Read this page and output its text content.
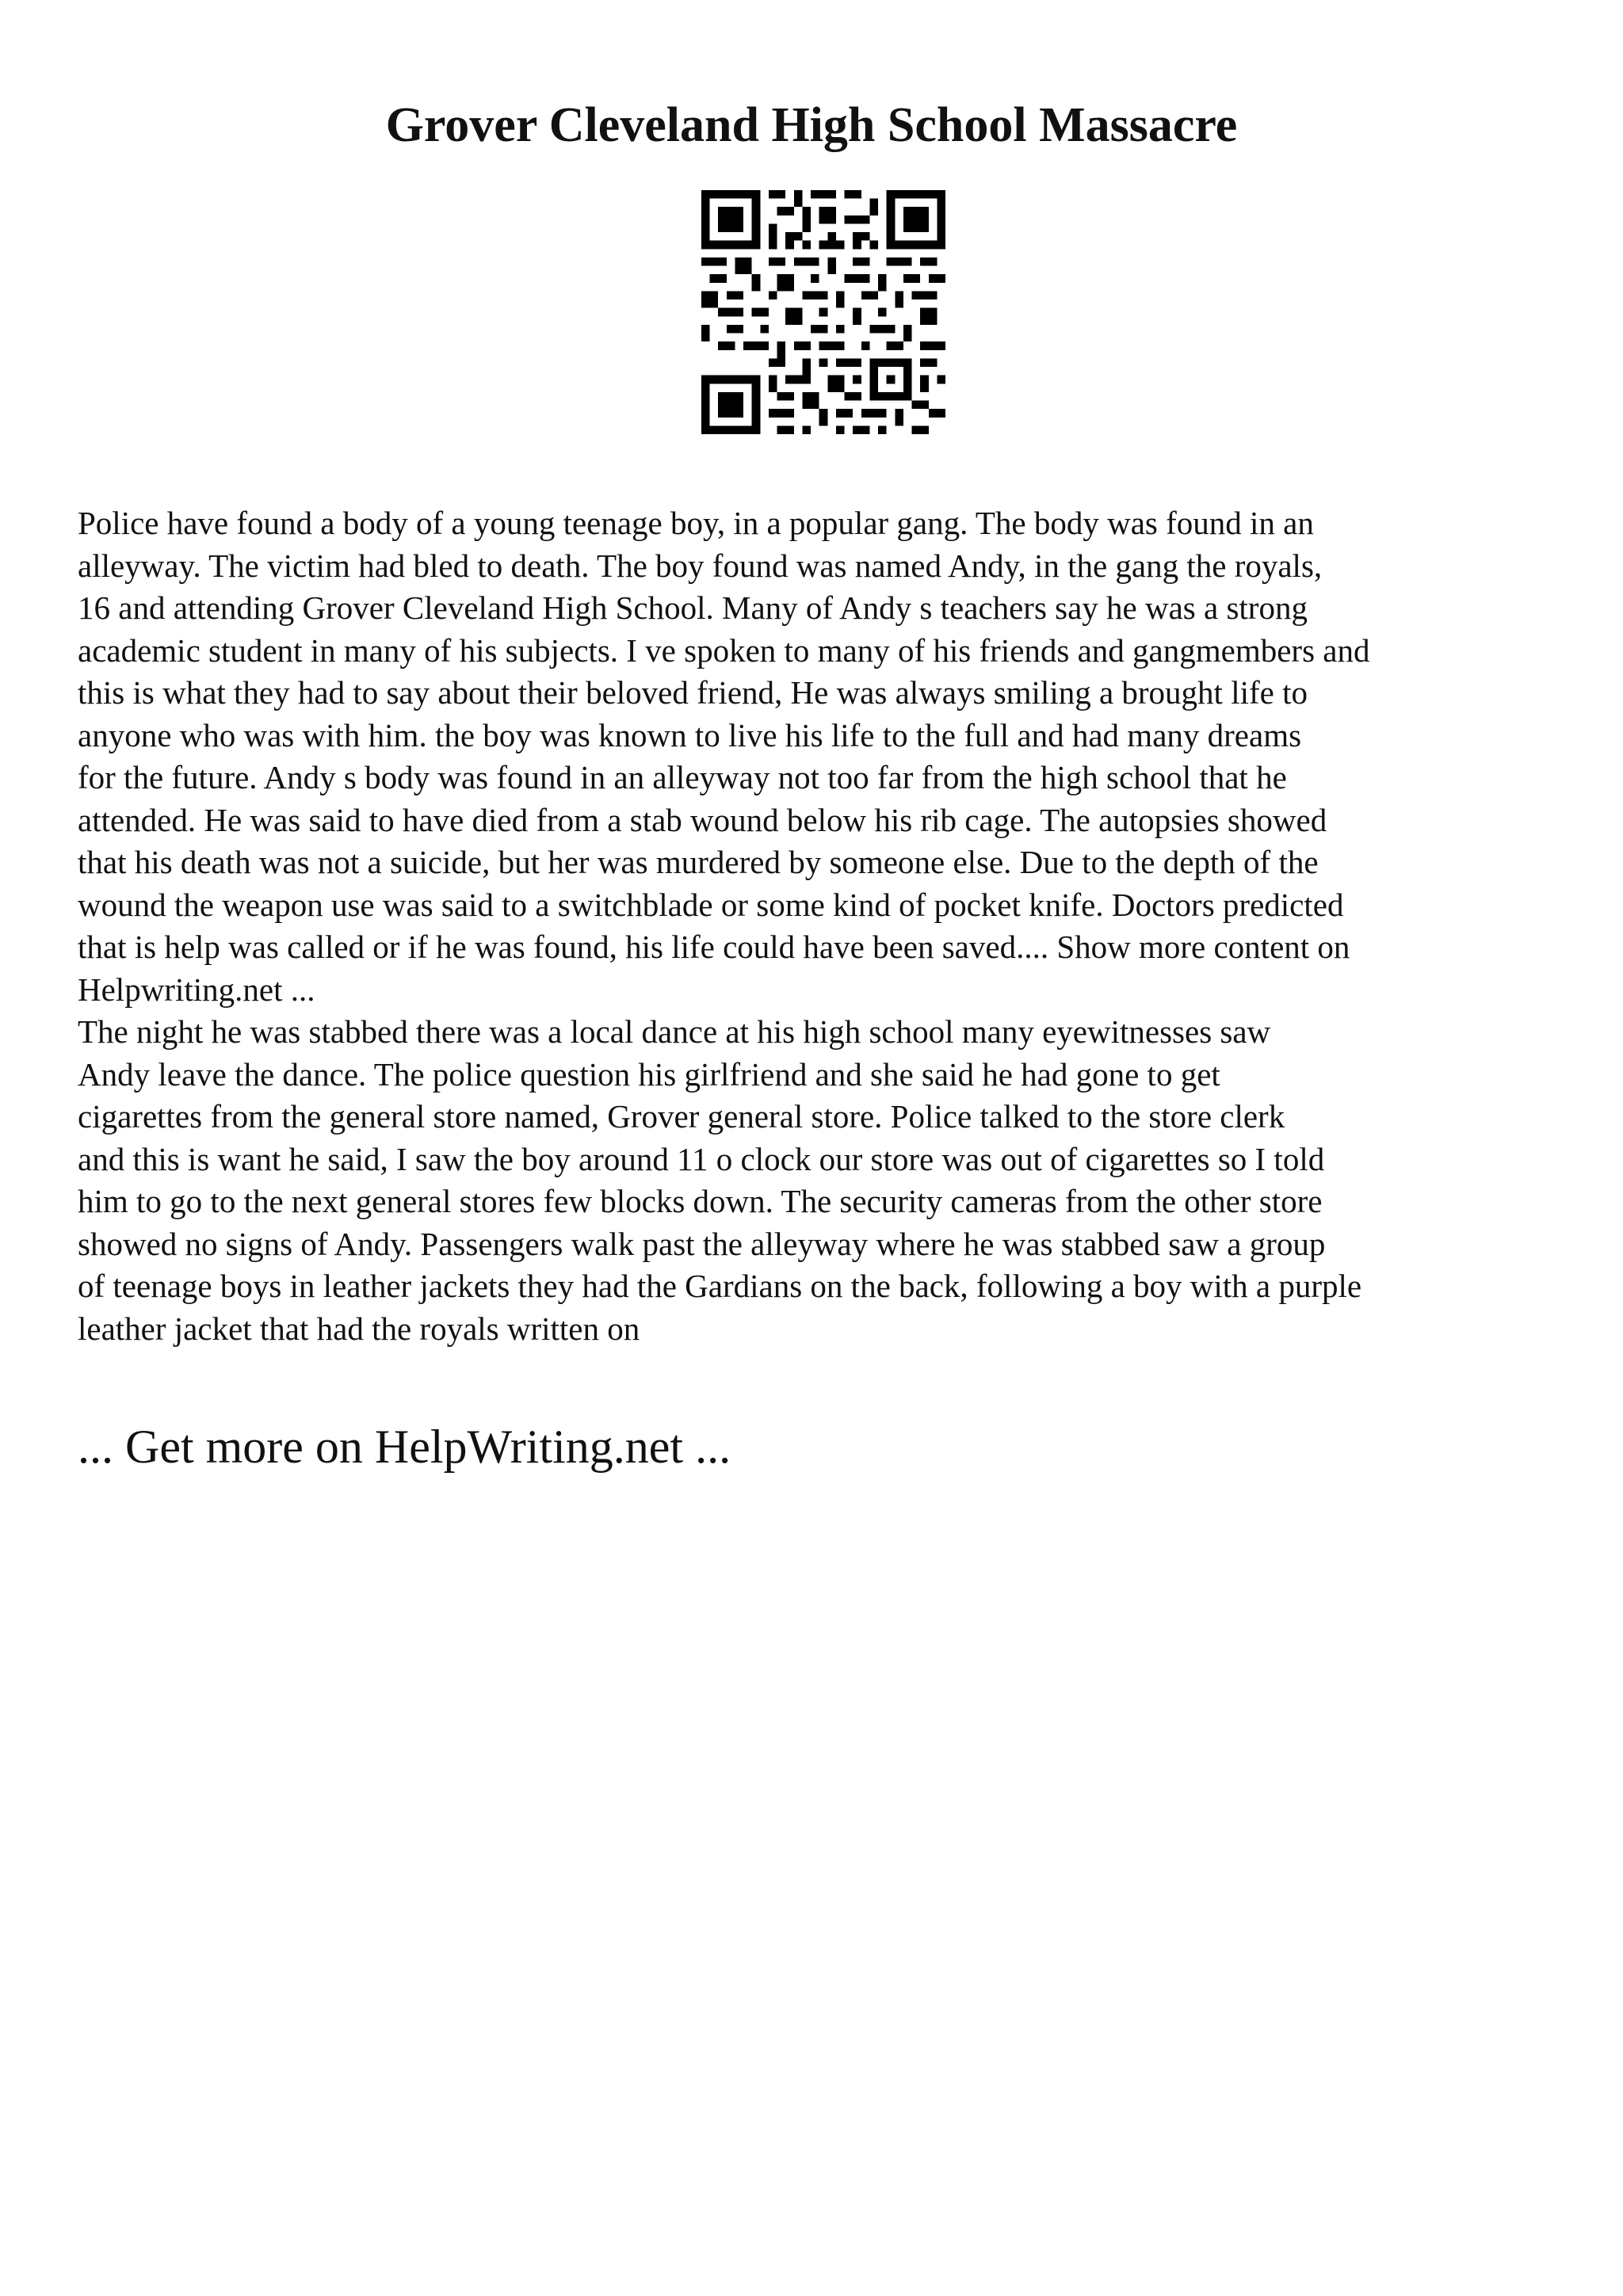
Grover Cleveland High School Massacre
Police have found a body of a young teenage boy, in a popular gang. The body was found in an
alleyway. The victim had bled to death. The boy found was named Andy, in the gang the royals,
16 and attending Grover Cleveland High School. Many of Andy s teachers say he was a strong
academic student in many of his subjects. I ve spoken to many of his friends and gangmembers and
this is what they had to say about their beloved friend, He was always smiling a brought life to
anyone who was with him. the boy was known to live his life to the full and had many dreams
for the future. Andy s body was found in an alleyway not too far from the high school that he
attended. He was said to have died from a stab wound below his rib cage. The autopsies showed
that his death was not a suicide, but her was murdered by someone else. Due to the depth of the
wound the weapon use was said to a switchblade or some kind of pocket knife. Doctors predicted
that is help was called or if he was found, his life could have been saved.... Show more content on
Helpwriting.net ...
The night he was stabbed there was a local dance at his high school many eyewitnesses saw
Andy leave the dance. The police question his girlfriend and she said he had gone to get
cigarettes from the general store named, Grover general store. Police talked to the store clerk
and this is want he said, I saw the boy around 11 o clock our store was out of cigarettes so I told
him to go to the next general stores few blocks down. The security cameras from the other store
showed no signs of Andy. Passengers walk past the alleyway where he was stabbed saw a group
of teenage boys in leather jackets they had the Gardians on the back, following a boy with a purple
leather jacket that had the royals written on

... Get more on HelpWriting.net ...
